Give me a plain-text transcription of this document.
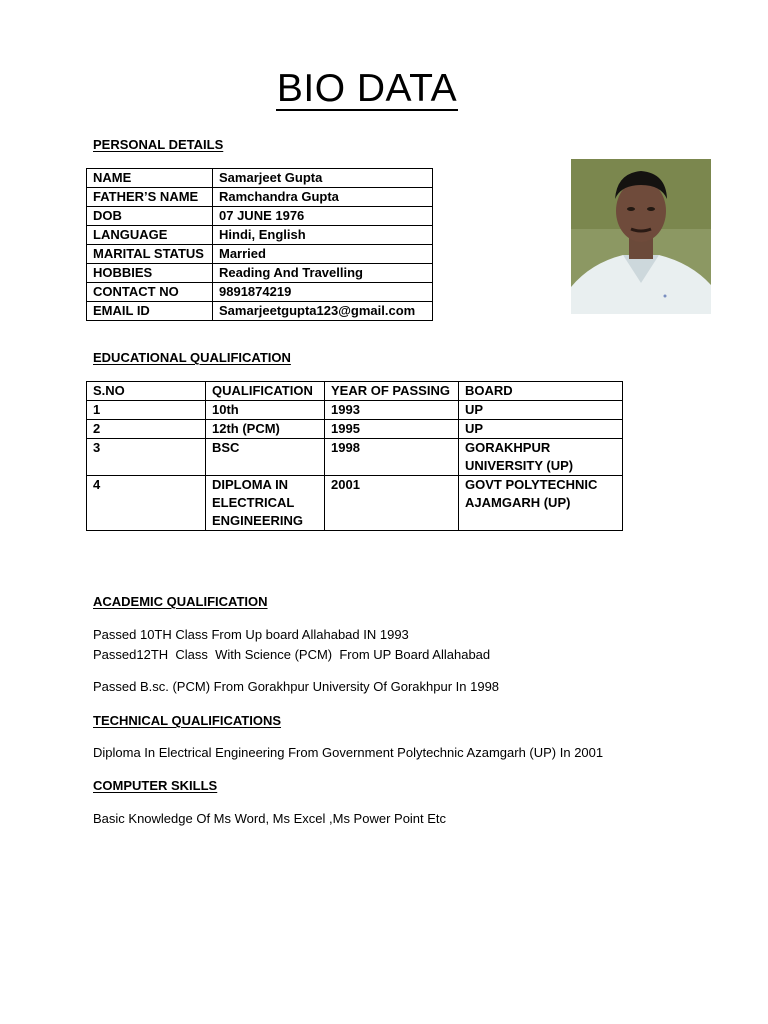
BIO DATA
PERSONAL DETAILS
NAME	Samarjeet Gupta
FATHER’S NAME	Ramchandra Gupta
DOB	07 JUNE 1976
LANGUAGE	Hindi, English
MARITAL STATUS	Married
HOBBIES	Reading And Travelling
CONTACT NO	9891874219
EMAIL ID	Samarjeetgupta123@gmail.com
EDUCATIONAL QUALIFICATION
S.NO	QUALIFICATION	YEAR OF PASSING	BOARD
1	10th	1993	UP
2	12th (PCM)	1995	UP
3	BSC	1998	GORAKHPUR UNIVERSITY (UP)
4	DIPLOMA IN ELECTRICAL ENGINEERING	2001	GOVT POLYTECHNIC AJAMGARH (UP)
ACADEMIC QUALIFICATION
Passed 10TH Class From Up board Allahabad IN 1993
Passed12TH  Class  With Science (PCM)  From UP Board Allahabad
Passed B.sc. (PCM) From Gorakhpur University Of Gorakhpur In 1998
TECHNICAL QUALIFICATIONS
Diploma In Electrical Engineering From Government Polytechnic Azamgarh (UP) In 2001
COMPUTER SKILLS
Basic Knowledge Of Ms Word, Ms Excel ,Ms Power Point Etc
